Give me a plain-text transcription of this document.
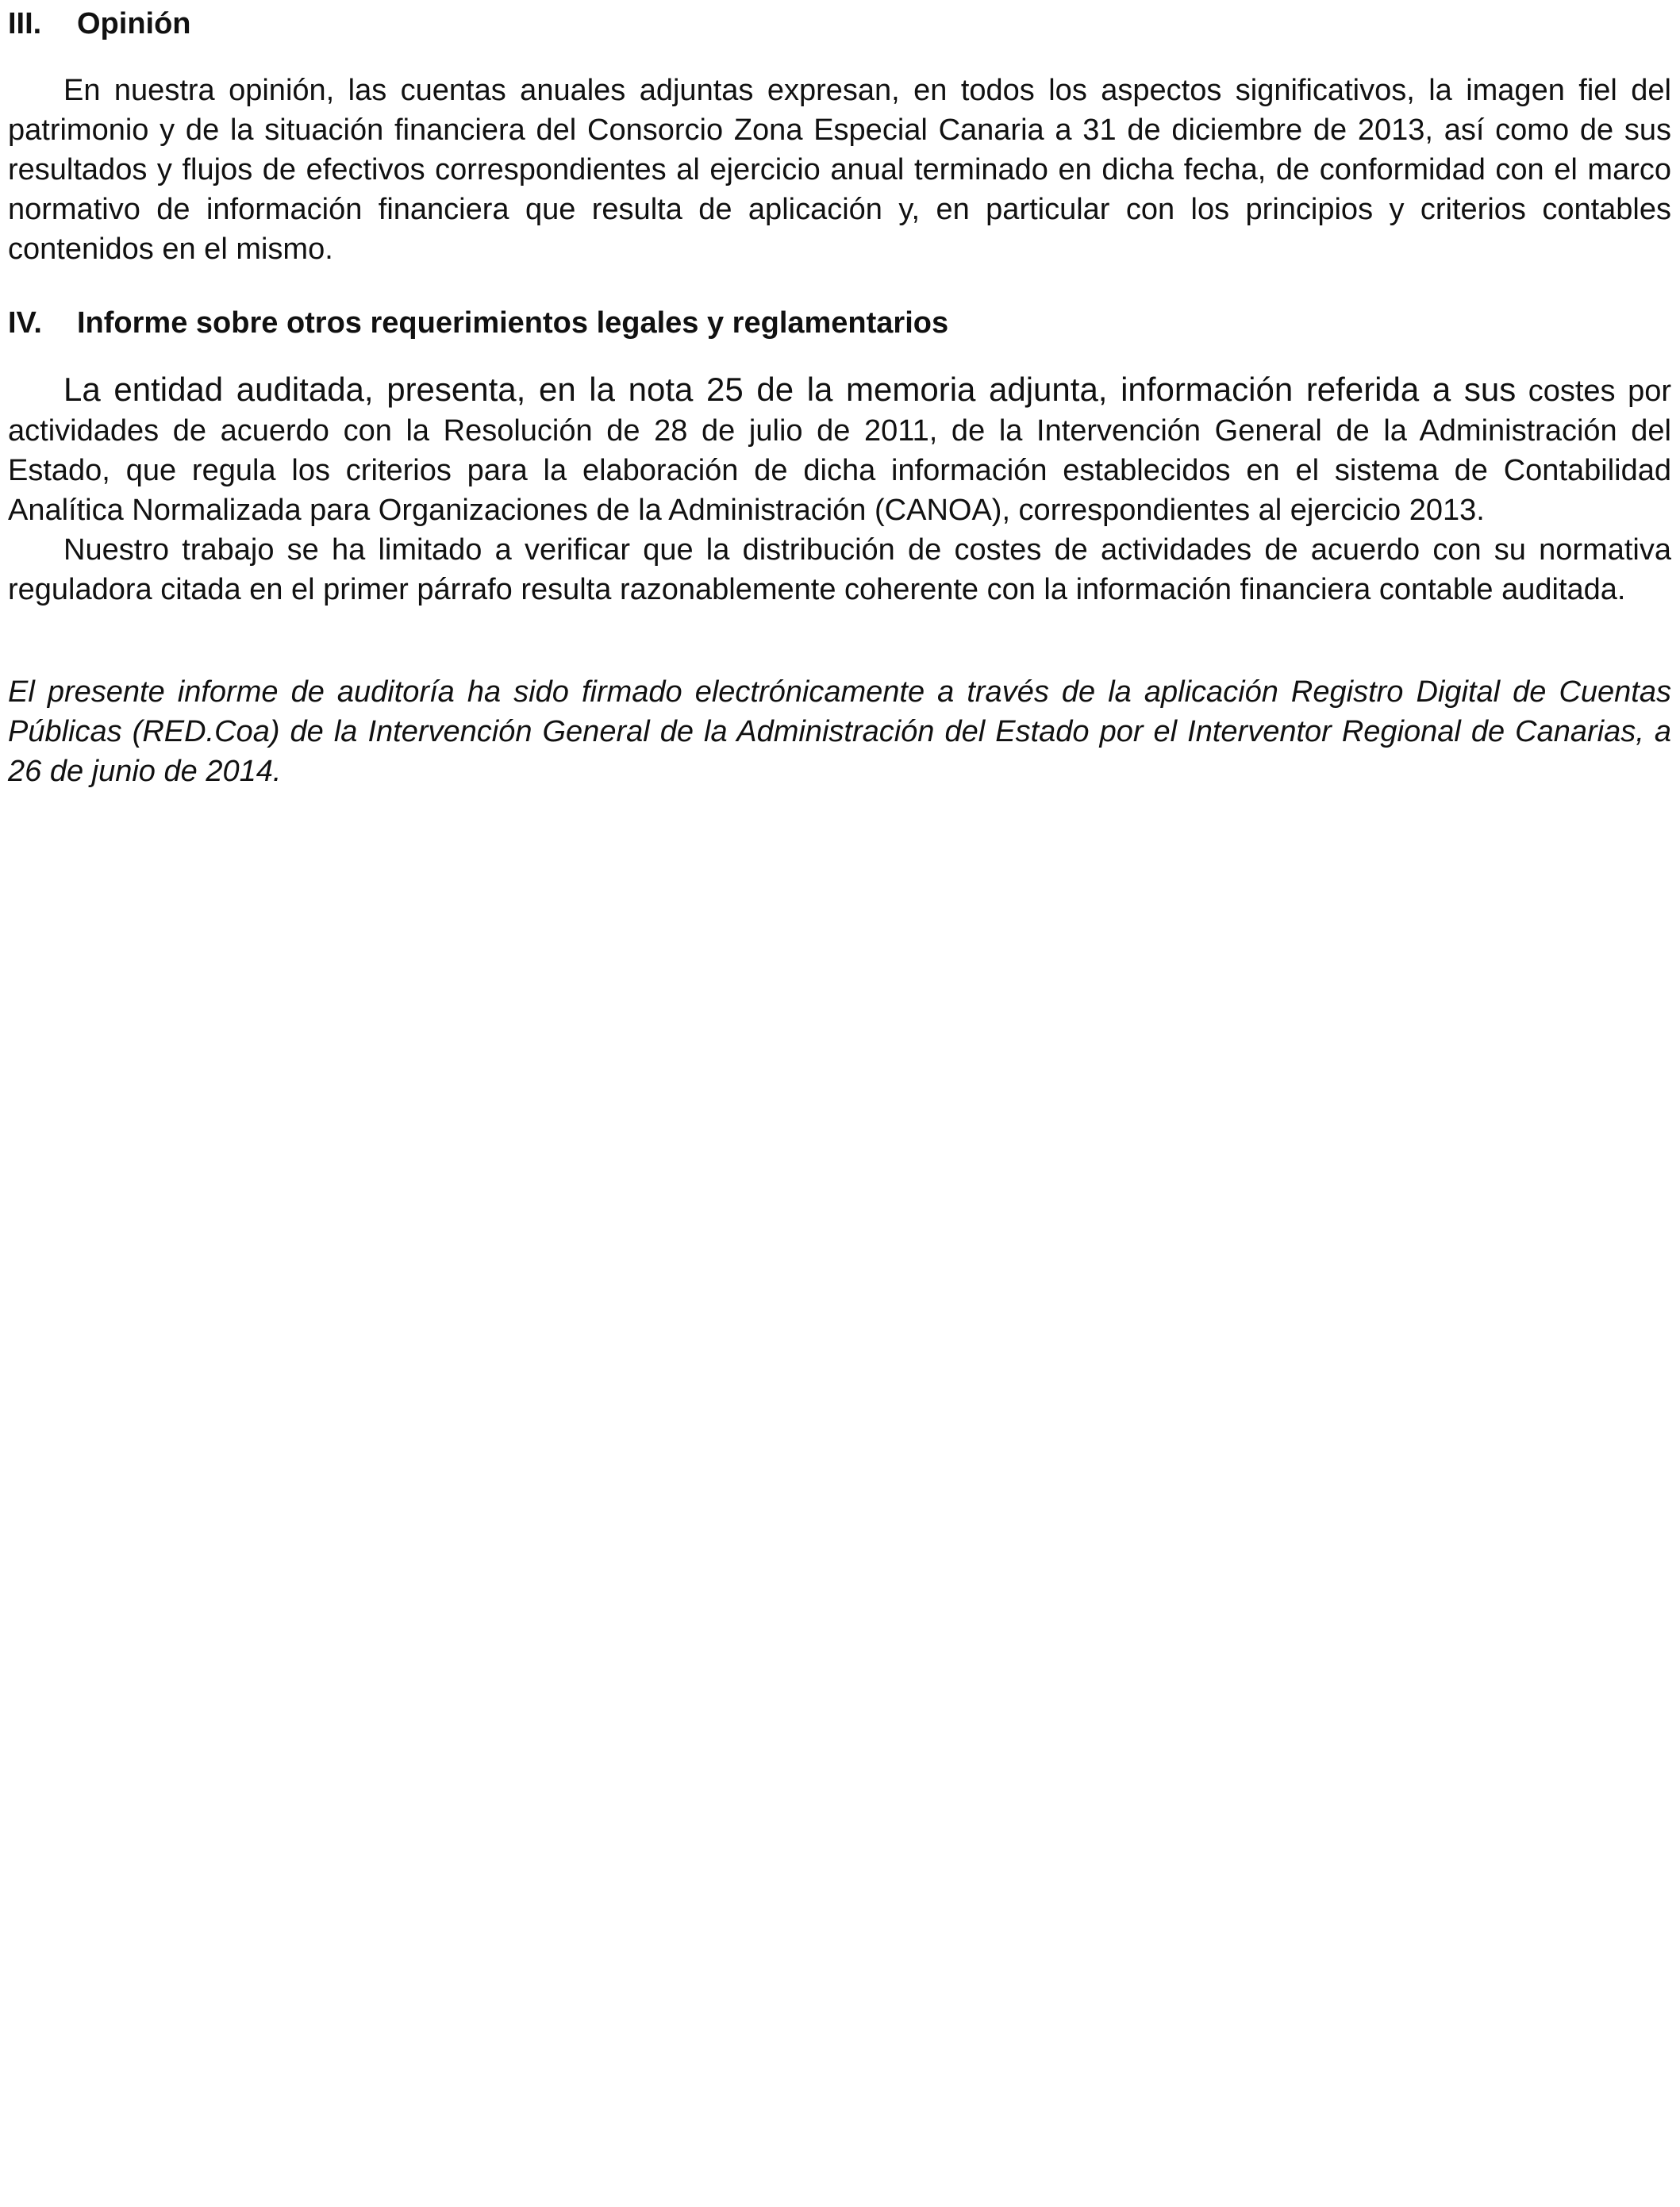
III. Opinión

En nuestra opinión, las cuentas anuales adjuntas expresan, en todos los aspectos significativos, la imagen fiel del patrimonio y de la situación financiera del Consorcio Zona Especial Canaria a 31 de diciembre de 2013, así como de sus resultados y flujos de efectivos correspondientes al ejercicio anual terminado en dicha fecha, de conformidad con el marco normativo de información financiera que resulta de aplicación y, en particular con los principios y criterios contables contenidos en el mismo.

IV. Informe sobre otros requerimientos legales y reglamentarios

La entidad auditada, presenta, en la nota 25 de la memoria adjunta, información referida a sus costes por actividades de acuerdo con la Resolución de 28 de julio de 2011, de la Intervención General de la Administración del Estado, que regula los criterios para la elaboración de dicha información establecidos en el sistema de Contabilidad Analítica Normalizada para Organizaciones de la Administración (CANOA), correspondientes al ejercicio 2013.

Nuestro trabajo se ha limitado a verificar que la distribución de costes de actividades de acuerdo con su normativa reguladora citada en el primer párrafo resulta razonablemente coherente con la información financiera contable auditada.

El presente informe de auditoría ha sido firmado electrónicamente a través de la aplicación Registro Digital de Cuentas Públicas (RED.Coa) de la Intervención General de la Administración del Estado por el Interventor Regional de Canarias, a 26 de junio de 2014.
